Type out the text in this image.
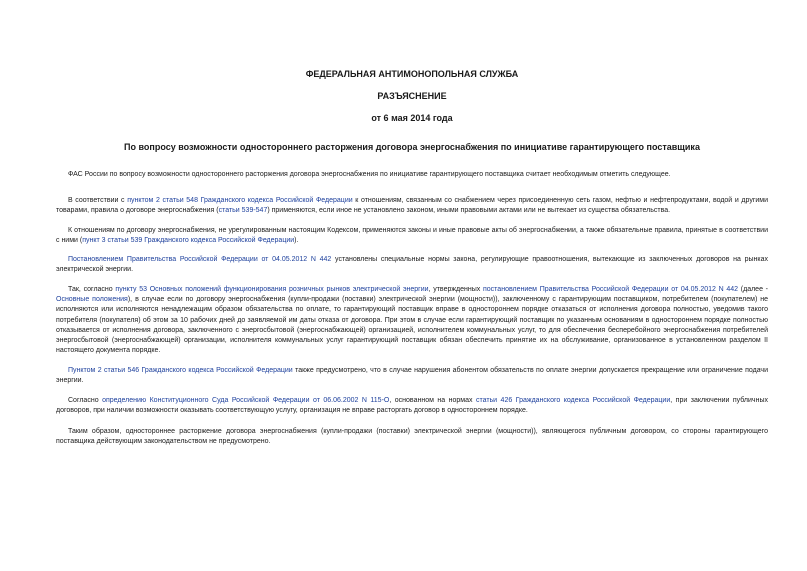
ФЕДЕРАЛЬНАЯ АНТИМОНОПОЛЬНАЯ СЛУЖБА
РАЗЪЯСНЕНИЕ
от 6 мая 2014 года
По вопросу возможности одностороннего расторжения договора энергоснабжения по инициативе гарантирующего поставщика

ФАС России по вопросу возможности одностороннего расторжения договора энергоснабжения по инициативе гарантирующего поставщика считает необходимым отметить следующее.

В соответствии с пунктом 2 статьи 548 Гражданского кодекса Российской Федерации к отношениям, связанным со снабжением через присоединенную сеть газом, нефтью и нефтепродуктами, водой и другими товарами, правила о договоре энергоснабжения (статьи 539-547) применяются, если иное не установлено законом, иными правовыми актами или не вытекает из существа обязательства.

К отношениям по договору энергоснабжения, не урегулированным настоящим Кодексом, применяются законы и иные правовые акты об энергоснабжении, а также обязательные правила, принятые в соответствии с ними (пункт 3 статьи 539 Гражданского кодекса Российской Федерации).

Постановлением Правительства Российской Федерации от 04.05.2012 N 442 установлены специальные нормы закона, регулирующие правоотношения, вытекающие из заключенных договоров на рынках электрической энергии.

Так, согласно пункту 53 Основных положений функционирования розничных рынков электрической энергии, утвержденных постановлением Правительства Российской Федерации от 04.05.2012 N 442 (далее - Основные положения), в случае если по договору энергоснабжения (купли-продажи (поставки) электрической энергии (мощности)), заключенному с гарантирующим поставщиком, потребителем (покупателем) не исполняются или исполняются ненадлежащим образом обязательства по оплате, то гарантирующий поставщик вправе в одностороннем порядке отказаться от исполнения договора полностью, уведомив такого потребителя (покупателя) об этом за 10 рабочих дней до заявляемой им даты отказа от договора. При этом в случае если гарантирующий поставщик по указанным основаниям в одностороннем порядке полностью отказывается от исполнения договора, заключенного с энергосбытовой (энергоснабжающей) организацией, исполнителем коммунальных услуг, то для обеспечения бесперебойного энергоснабжения потребителей энергосбытовой (энергоснабжающей) организации, исполнителя коммунальных услуг гарантирующий поставщик обязан обеспечить принятие их на обслуживание, организованное в установленном разделом II настоящего документа порядке.

Пунктом 2 статьи 546 Гражданского кодекса Российской Федерации также предусмотрено, что в случае нарушения абонентом обязательств по оплате энергии допускается прекращение или ограничение подачи энергии.

Согласно определению Конституционного Суда Российской Федерации от 06.06.2002 N 115-О, основанном на нормах статьи 426 Гражданского кодекса Российской Федерации, при заключении публичных договоров, при наличии возможности оказывать соответствующую услугу, организация не вправе расторгать договор в одностороннем порядке.

Таким образом, одностороннее расторжение договора энергоснабжения (купли-продажи (поставки) электрической энергии (мощности)), являющегося публичным договором, со стороны гарантирующего поставщика действующим законодательством не предусмотрено.
